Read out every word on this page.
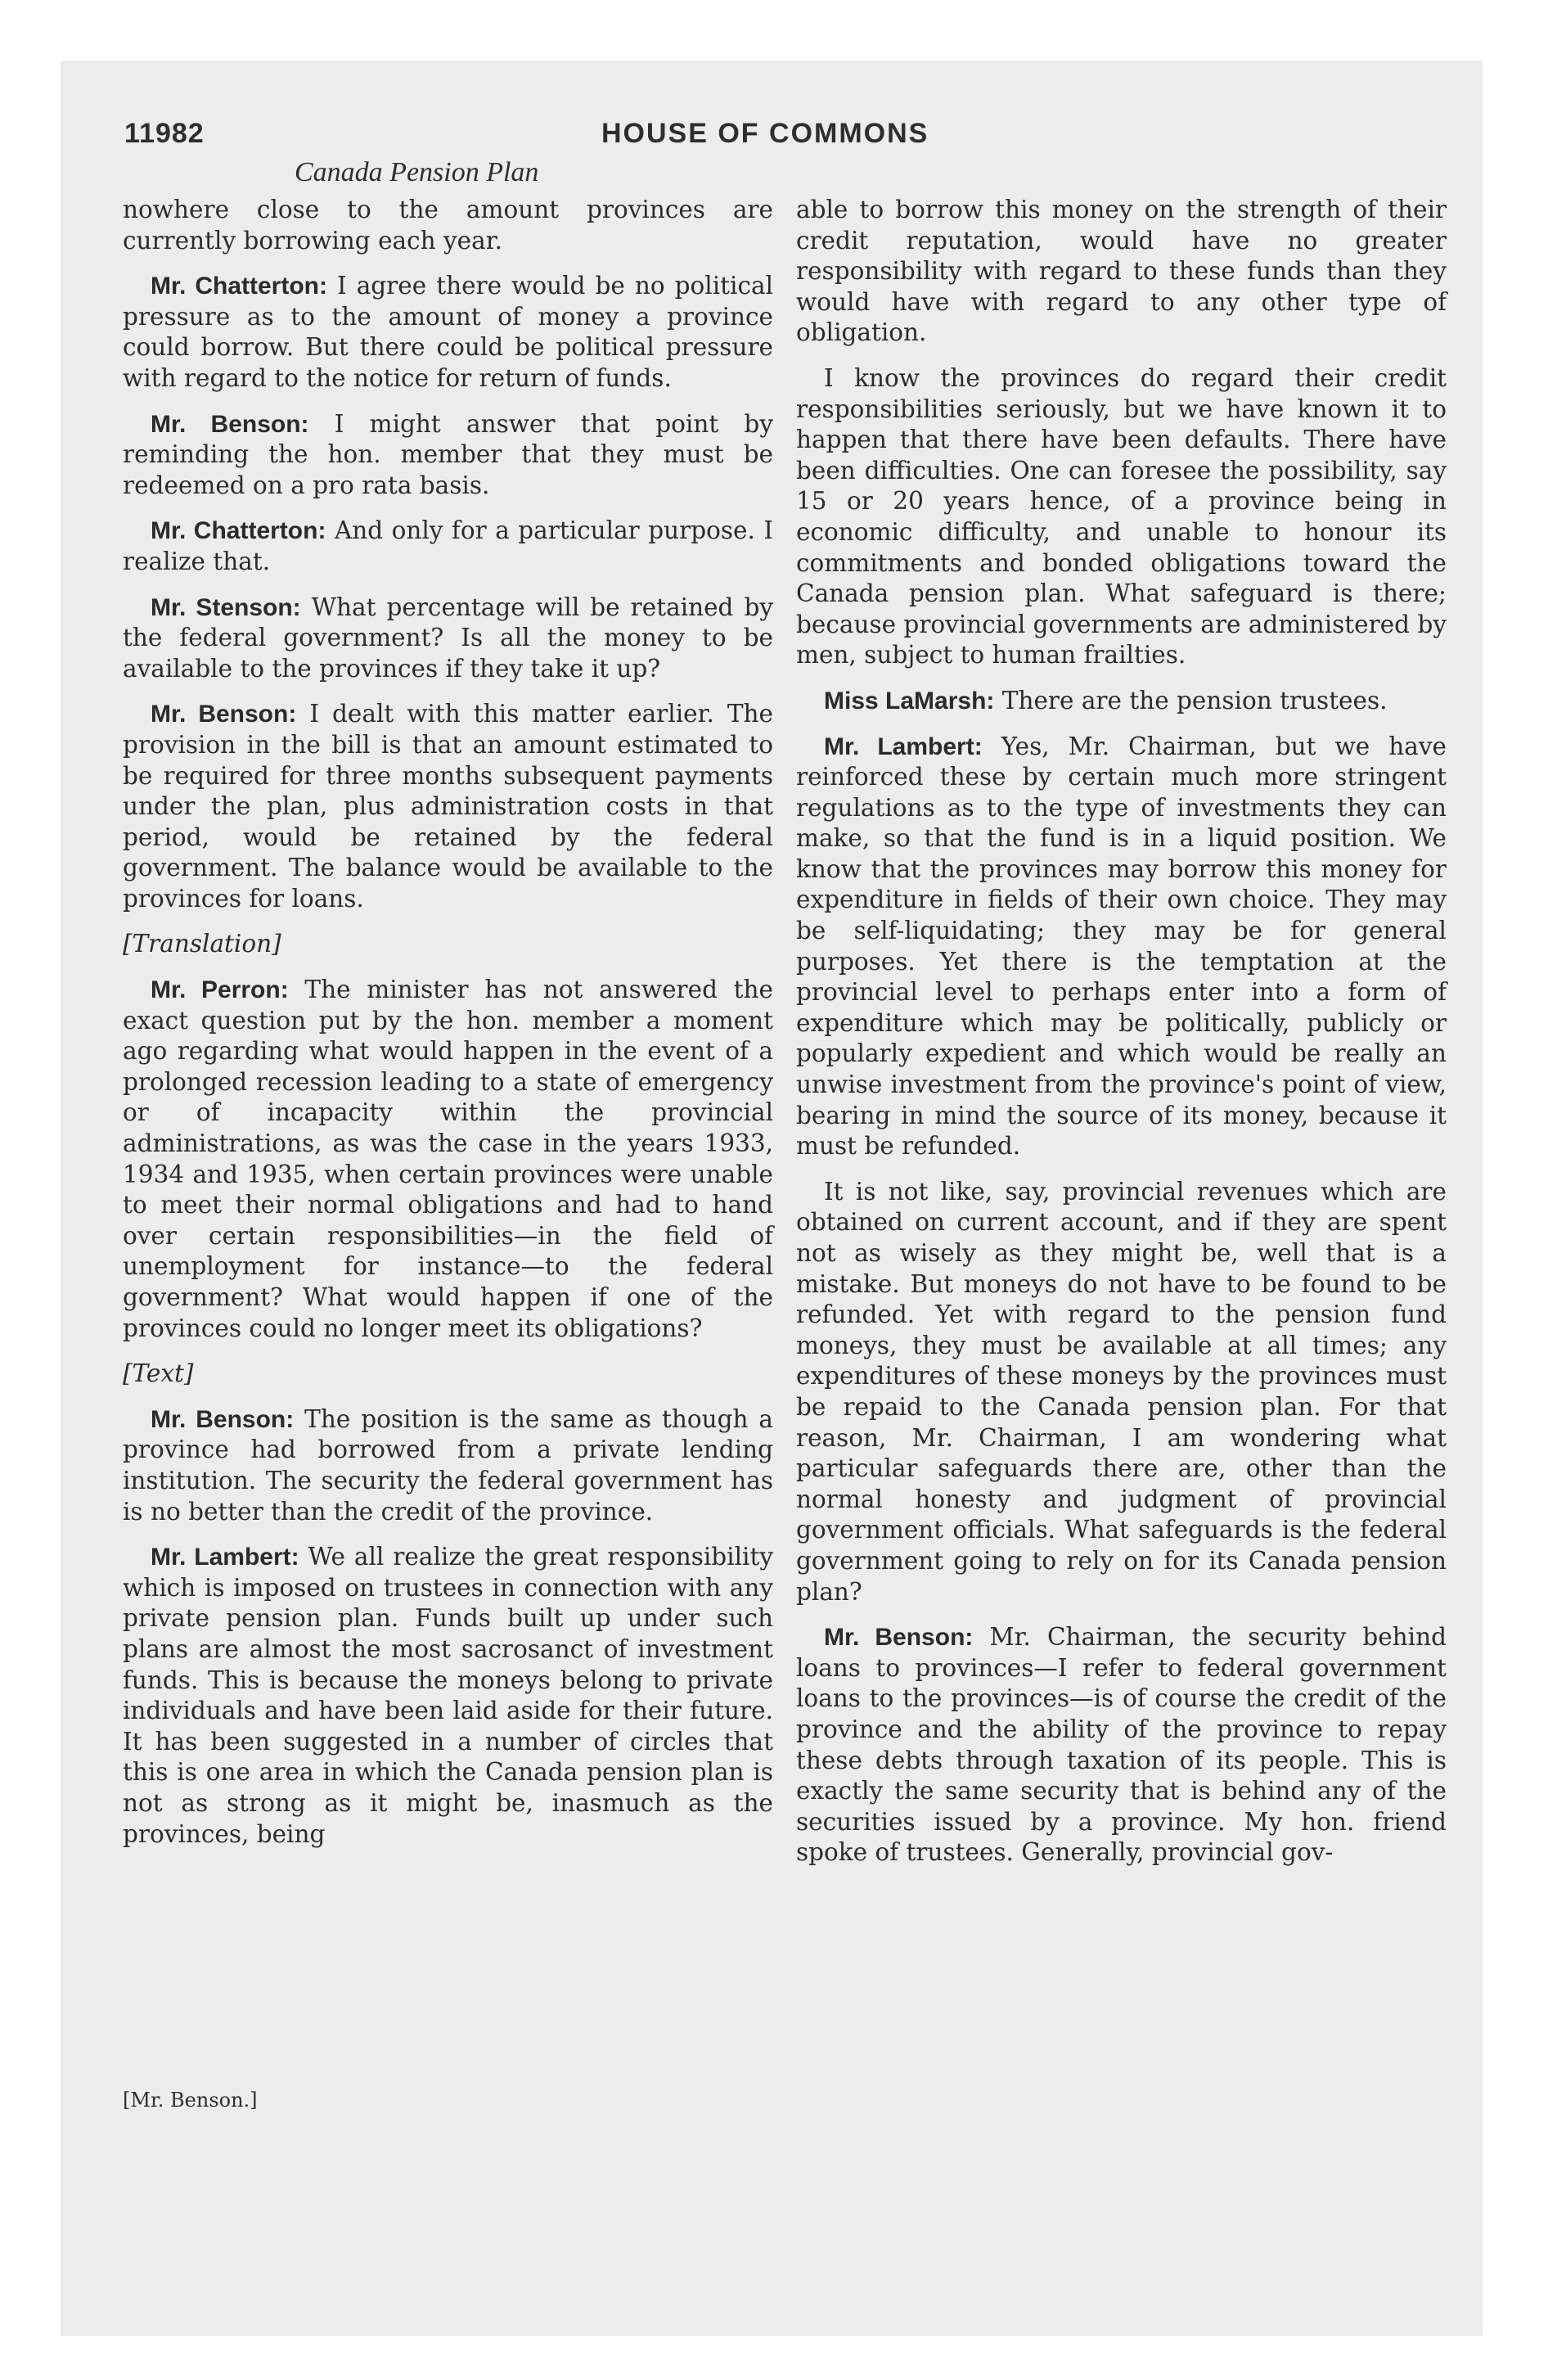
11982	HOUSE OF COMMONS
Canada Pension Plan

nowhere close to the amount provinces are currently borrowing each year.

Mr. Chatterton: I agree there would be no political pressure as to the amount of money a province could borrow. But there could be political pressure with regard to the notice for return of funds.

Mr. Benson: I might answer that point by reminding the hon. member that they must be redeemed on a pro rata basis.

Mr. Chatterton: And only for a particular purpose. I realize that.

Mr. Stenson: What percentage will be retained by the federal government? Is all the money to be available to the provinces if they take it up?

Mr. Benson: I dealt with this matter earlier. The provision in the bill is that an amount estimated to be required for three months subsequent payments under the plan, plus administration costs in that period, would be retained by the federal government. The balance would be available to the provinces for loans.

[Translation]

Mr. Perron: The minister has not answered the exact question put by the hon. member a moment ago regarding what would happen in the event of a prolonged recession leading to a state of emergency or of incapacity within the provincial administrations, as was the case in the years 1933, 1934 and 1935, when certain provinces were unable to meet their normal obligations and had to hand over certain responsibilities—in the field of unemployment for instance—to the federal government? What would happen if one of the provinces could no longer meet its obligations?

[Text]

Mr. Benson: The position is the same as though a province had borrowed from a private lending institution. The security the federal government has is no better than the credit of the province.

Mr. Lambert: We all realize the great responsibility which is imposed on trustees in connection with any private pension plan. Funds built up under such plans are almost the most sacrosanct of investment funds. This is because the moneys belong to private individuals and have been laid aside for their future. It has been suggested in a number of circles that this is one area in which the Canada pension plan is not as strong as it might be, inasmuch as the provinces, being

able to borrow this money on the strength of their credit reputation, would have no greater responsibility with regard to these funds than they would have with regard to any other type of obligation.

I know the provinces do regard their credit responsibilities seriously, but we have known it to happen that there have been defaults. There have been difficulties. One can foresee the possibility, say 15 or 20 years hence, of a province being in economic difficulty, and unable to honour its commitments and bonded obligations toward the Canada pension plan. What safeguard is there; because provincial governments are administered by men, subject to human frailties.

Miss LaMarsh: There are the pension trustees.

Mr. Lambert: Yes, Mr. Chairman, but we have reinforced these by certain much more stringent regulations as to the type of investments they can make, so that the fund is in a liquid position. We know that the provinces may borrow this money for expenditure in fields of their own choice. They may be self-liquidating; they may be for general purposes. Yet there is the temptation at the provincial level to perhaps enter into a form of expenditure which may be politically, publicly or popularly expedient and which would be really an unwise investment from the province's point of view, bearing in mind the source of its money, because it must be refunded.

It is not like, say, provincial revenues which are obtained on current account, and if they are spent not as wisely as they might be, well that is a mistake. But moneys do not have to be found to be refunded. Yet with regard to the pension fund moneys, they must be available at all times; any expenditures of these moneys by the provinces must be repaid to the Canada pension plan. For that reason, Mr. Chairman, I am wondering what particular safeguards there are, other than the normal honesty and judgment of provincial government officials. What safeguards is the federal government going to rely on for its Canada pension plan?

Mr. Benson: Mr. Chairman, the security behind loans to provinces—I refer to federal government loans to the provinces—is of course the credit of the province and the ability of the province to repay these debts through taxation of its people. This is exactly the same security that is behind any of the securities issued by a province. My hon. friend spoke of trustees. Generally, provincial gov-

[Mr. Benson.]
